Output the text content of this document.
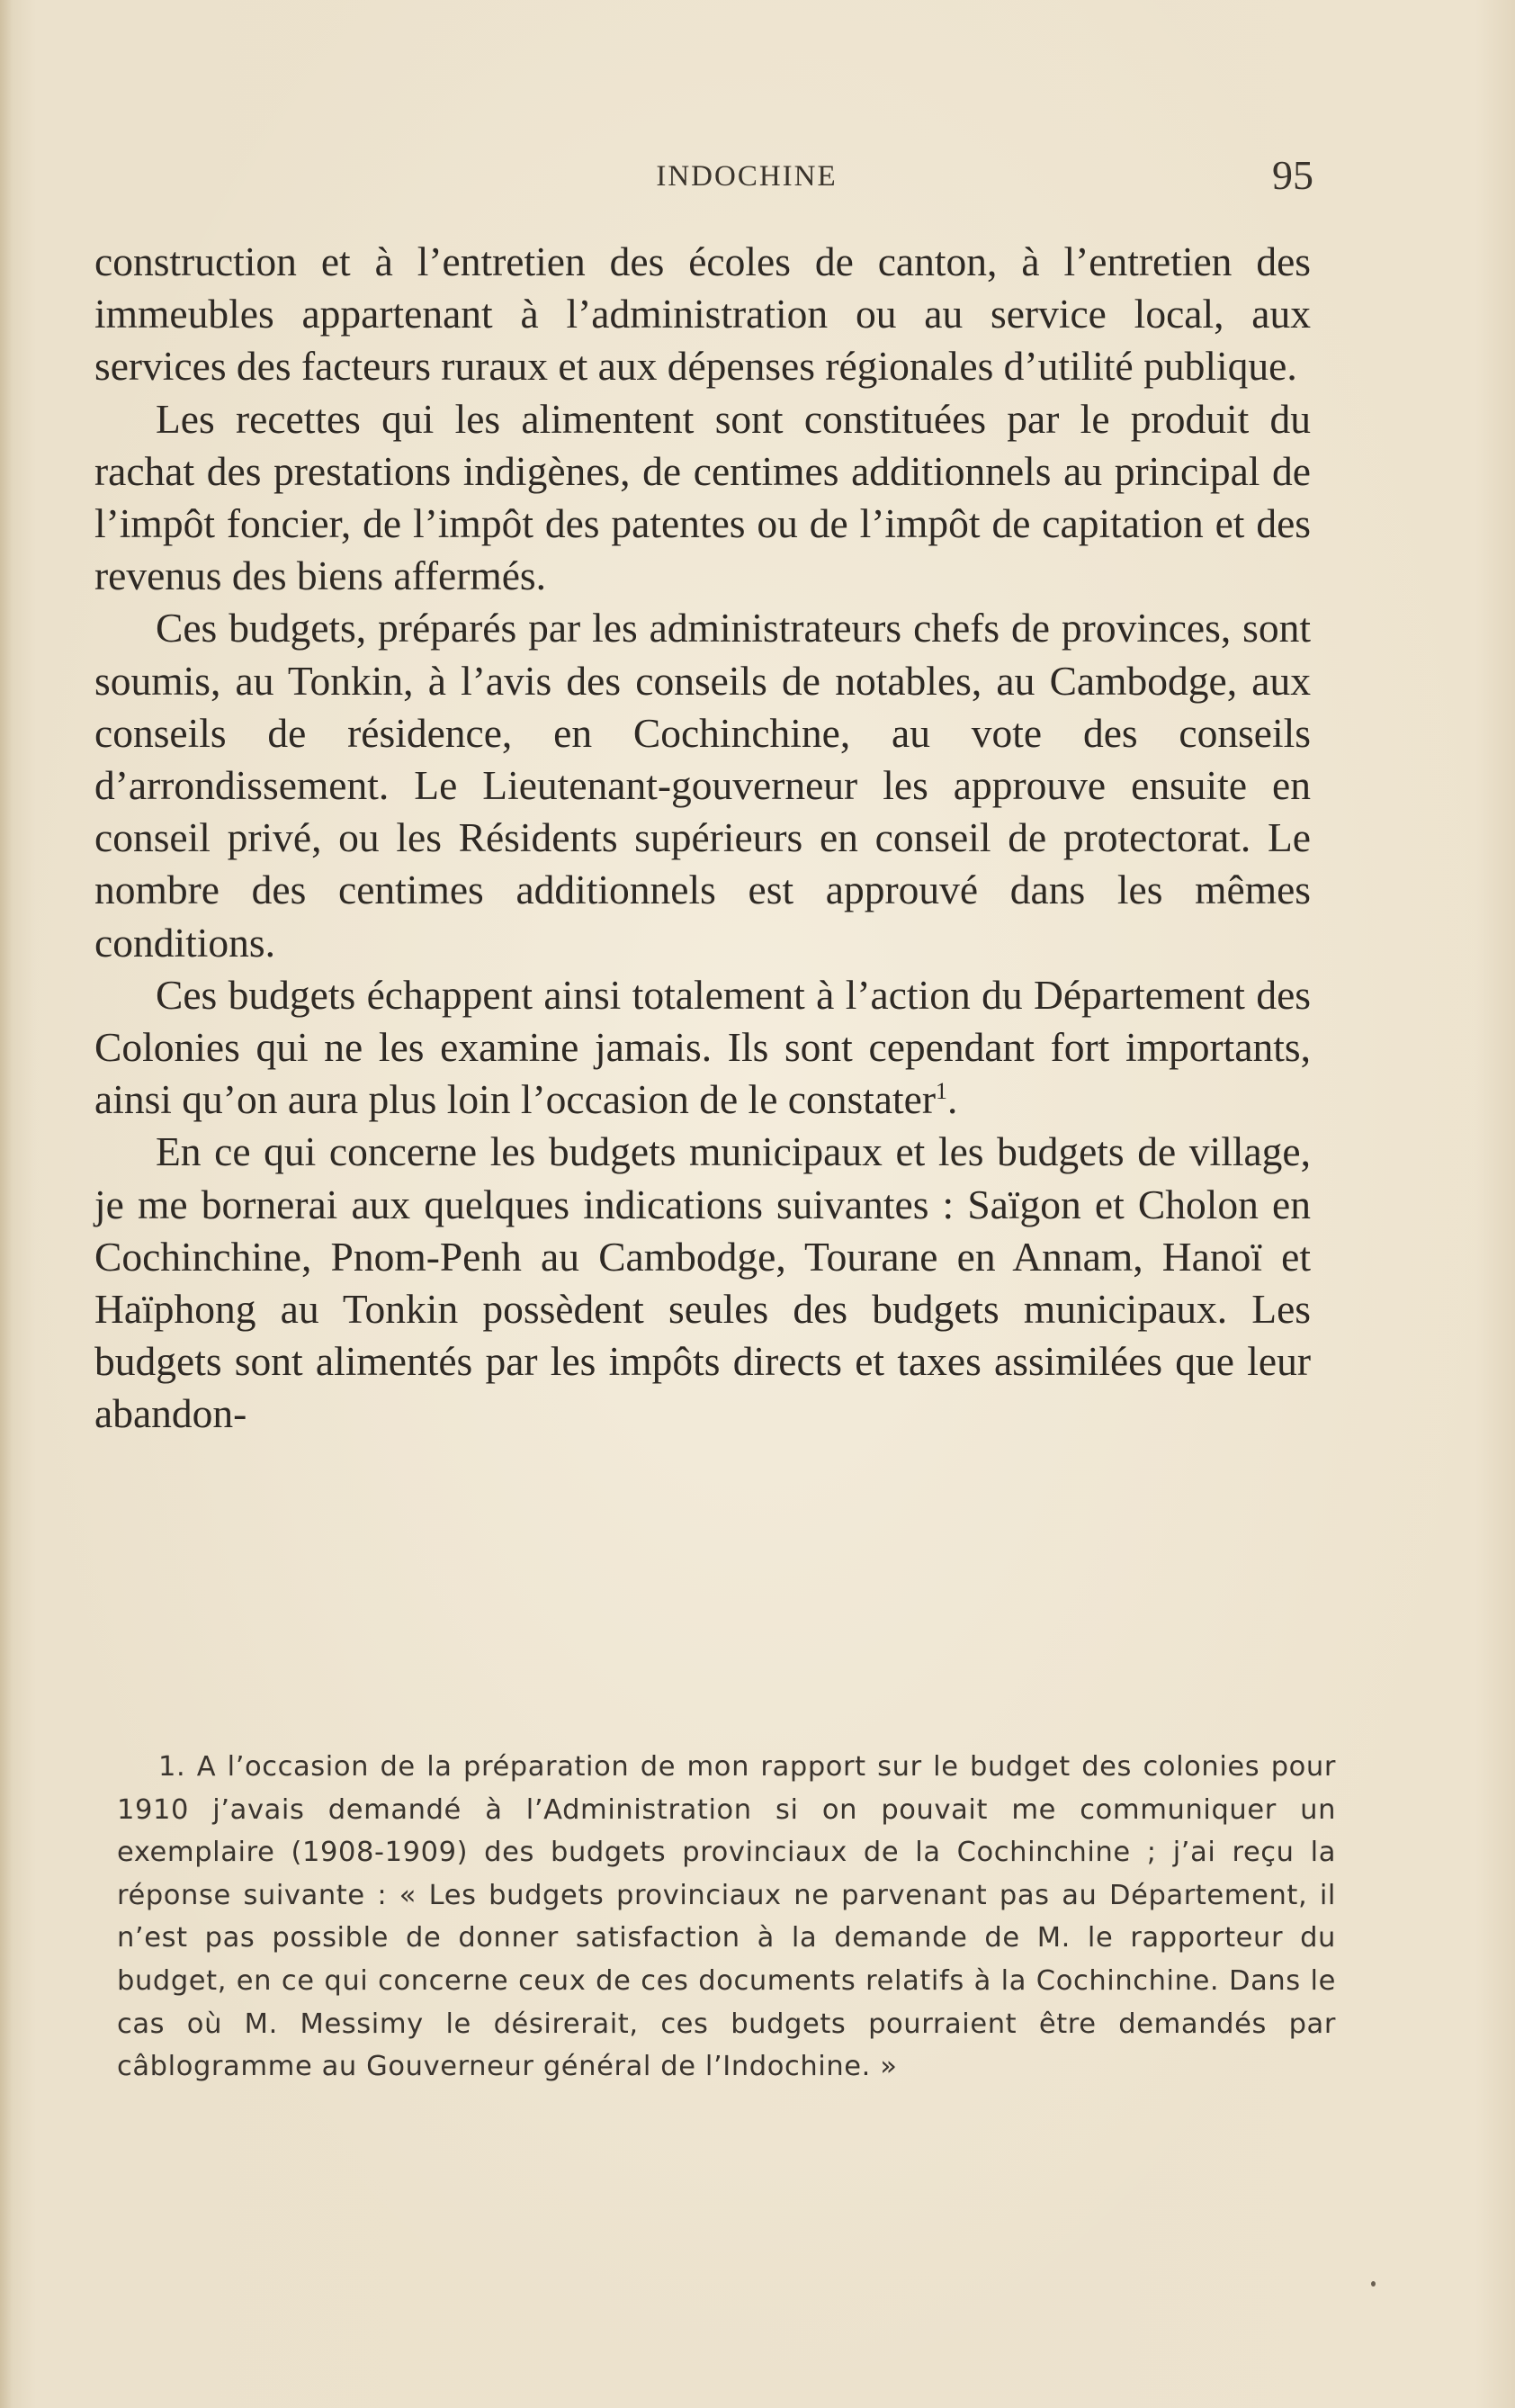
INDOCHINE	95

construction et à l’entretien des écoles de canton, à l’entretien des immeubles appartenant à l’administration ou au service local, aux services des facteurs ruraux et aux dépenses régionales d’utilité publique.

Les recettes qui les alimentent sont constituées par le produit du rachat des prestations indigènes, de centimes additionnels au principal de l’impôt foncier, de l’impôt des patentes ou de l’impôt de capitation et des revenus des biens affermés.

Ces budgets, préparés par les administrateurs chefs de provinces, sont soumis, au Tonkin, à l’avis des conseils de notables, au Cambodge, aux conseils de résidence, en Cochinchine, au vote des conseils d’arrondissement. Le Lieutenant-gouverneur les approuve ensuite en conseil privé, ou les Résidents supérieurs en conseil de protectorat. Le nombre des centimes additionnels est approuvé dans les mêmes conditions.

Ces budgets échappent ainsi totalement à l’action du Département des Colonies qui ne les examine jamais. Ils sont cependant fort importants, ainsi qu’on aura plus loin l’occasion de le constater$^1$.

En ce qui concerne les budgets municipaux et les budgets de village, je me bornerai aux quelques indications suivantes : Saïgon et Cholon en Cochinchine, Pnom-Penh au Cambodge, Tourane en Annam, Hanoï et Haïphong au Tonkin possèdent seules des budgets municipaux. Les budgets sont alimentés par les impôts directs et taxes assimilées que leur abandon-

1. A l’occasion de la préparation de mon rapport sur le budget des colonies pour 1910 j’avais demandé à l’Administration si on pouvait me communiquer un exemplaire (1908-1909) des budgets provinciaux de la Cochinchine ; j’ai reçu la réponse suivante : « Les budgets provinciaux ne parvenant pas au Département, il n’est pas possible de donner satisfaction à la demande de M. le rapporteur du budget, en ce qui concerne ceux de ces documents relatifs à la Cochinchine. Dans le cas où M. Messimy le désirerait, ces budgets pourraient être demandés par câblogramme au Gouverneur général de l’Indochine. »
